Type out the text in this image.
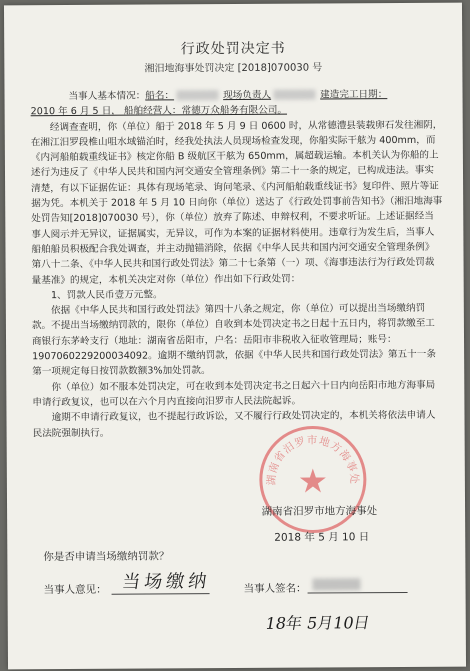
行政处罚决定书
湘汨地海事处罚决定 [2018]070030 号

当事人基本情况：船名：	现场负责人	建造完工日期：

2010 年 6 月 5 日， 船舶经营人：常德万众船务有限公司。

经调查查明，你（单位）船于 2018 年 5 月 9 日 0600 时，从常德澧县装载卵石发往湘阴，在湘江汨罗段椎山咀水域锚泊时，经我处执法人员现场检查发现，你船实际干舷为 400mm，而《内河船舶载重线证书》核定你船 B 级航区干舷为 650mm，属超载运输。本机关认为你船的上述行为违反了《中华人民共和国内河交通安全管理条例》第二十一条的规定，已构成违法。事实清楚，有以下证据佐证：具体有现场笔录、询问笔录、《内河船舶载重线证书》复印件、照片等证据为凭。本机关于 2018 年 5 月 10 日向你（单位）送达了《行政处罚事前告知书》（湘汨地海事处罚告知[2018]070030 号），你（单位）放弃了陈述、申辩权利，不要求听证。上述证据经当事人阅示并无异议，证据属实，无异议，可作为本案的证据材料使用。违章行为发生后，当事人船舶船员积极配合我处调查，并主动抛锚消除，依据《中华人民共和国内河交通安全管理条例》第八十二条、《中华人民共和国行政处罚法》第二十七条第（一）项、《海事违法行为行政处罚裁量基准》的规定，本机关决定对你（单位）作出如下行政处罚：

1、罚款人民币壹万元整。

依据《中华人民共和国行政处罚法》第四十八条之规定，你（单位）可以提出当场缴纳罚款。不提出当场缴纳罚款的，限你（单位）自收到本处罚决定书之日起十五日内，将罚款缴至工商银行东茅岭支行（地址：湖南省岳阳市，户名：岳阳市非税收入征收管理局；账号：1907060229200034092。逾期不缴纳罚款，依据《中华人民共和国行政处罚法》第五十一条第一项规定每日按罚款数额3%加处罚款。

你（单位）如不服本处罚决定，可在收到本处罚决定书之日起六十日内向岳阳市地方海事局申请行政复议，也可以在六个月内直接向汨罗市人民法院起诉。

逾期不申请行政复议，也不提起行政诉讼，又不履行行政处罚决定的，本机关将依法申请人民法院强制执行。

湖南省汨罗市地方海事处
湖南省汨罗市地方海事处
2018 年 5 月 10 日
你是否申请当场缴纳罚款？
当事人意见： 当场缴纳	当事人签名：
18年 5月10日
